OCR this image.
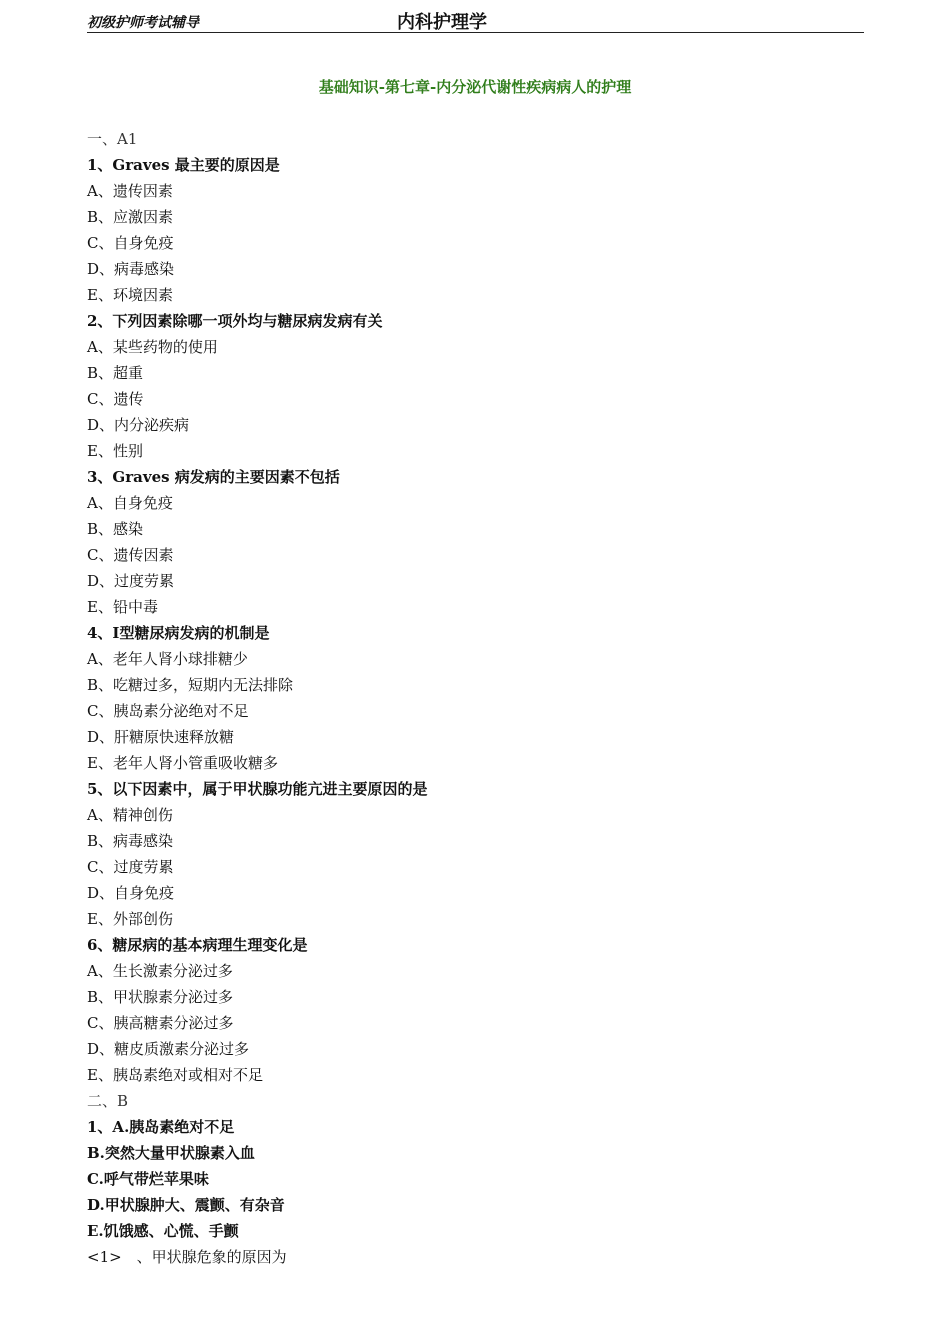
初级护师考试辅导	内科护理学
基础知识-第七章-内分泌代谢性疾病病人的护理
一、A1
1、Graves 最主要的原因是
A、遗传因素
B、应激因素
C、自身免疫
D、病毒感染
E、环境因素
2、下列因素除哪一项外均与糖尿病发病有关
A、某些药物的使用
B、超重
C、遗传
D、内分泌疾病
E、性别
3、Graves 病发病的主要因素不包括
A、自身免疫
B、感染
C、遗传因素
D、过度劳累
E、铅中毒
4、Ⅰ型糖尿病发病的机制是
A、老年人肾小球排糖少
B、吃糖过多，短期内无法排除
C、胰岛素分泌绝对不足
D、肝糖原快速释放糖
E、老年人肾小管重吸收糖多
5、以下因素中，属于甲状腺功能亢进主要原因的是
A、精神创伤
B、病毒感染
C、过度劳累
D、自身免疫
E、外部创伤
6、糖尿病的基本病理生理变化是
A、生长激素分泌过多
B、甲状腺素分泌过多
C、胰高糖素分泌过多
D、糖皮质激素分泌过多
E、胰岛素绝对或相对不足
二、B
1、A.胰岛素绝对不足
B.突然大量甲状腺素入血
C.呼气带烂苹果味
D.甲状腺肿大、震颤、有杂音
E.饥饿感、心慌、手颤
<1>　、甲状腺危象的原因为
